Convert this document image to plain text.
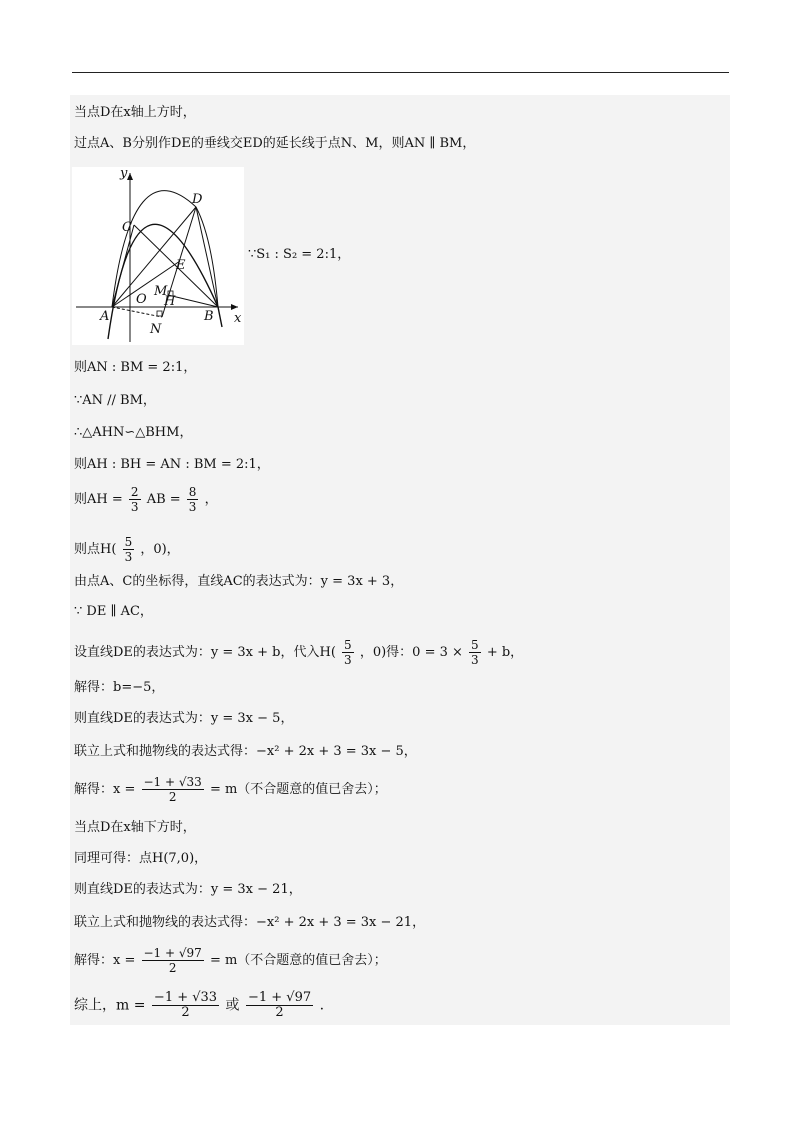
当点D在x轴上方时，
过点A、B分别作DE的垂线交ED的延长线于点N、M，则AN ∥ BM，
y
x
C
D
E
O
M
H
A	B
N
∵S₁ : S₂ = 2:1，
则AN : BM = 2:1，
∵AN // BM，
∴△AHN∽△BHM，
则AH : BH = AN : BM = 2:1，
则AH = $\frac{2}{3}$ AB = $\frac{8}{3}$ ，
则点$H( \frac{5}{3}$ ，0)，
由点A、C的坐标得，直线AC的表达式为：y = 3x + 3，
∵ DE ∥ AC，
设直线DE的表达式为：y = 3x + b，代入$H( \frac{5}{3}$ ，0)得：$0 = 3 \times \frac{5}{3} + b$，
解得：b=−5，
则直线DE的表达式为：y = 3x − 5，
联立上式和抛物线的表达式得：−x² + 2x + 3 = 3x − 5，
解得：$x = \frac{-1 + √33}{2} = m$（不合题意的值已舍去）；
当点D在x轴下方时，
同理可得：点H(7,0)，
则直线DE的表达式为：y = 3x − 21，
联立上式和抛物线的表达式得：−x² + 2x + 3 = 3x − 21，
解得：$x = \frac{-1 + √97}{2} = m$（不合题意的值已舍去）；
综上，$m = \frac{-1 + √33}{2}$ 或 $\frac{-1 + √97}{2}$ .
